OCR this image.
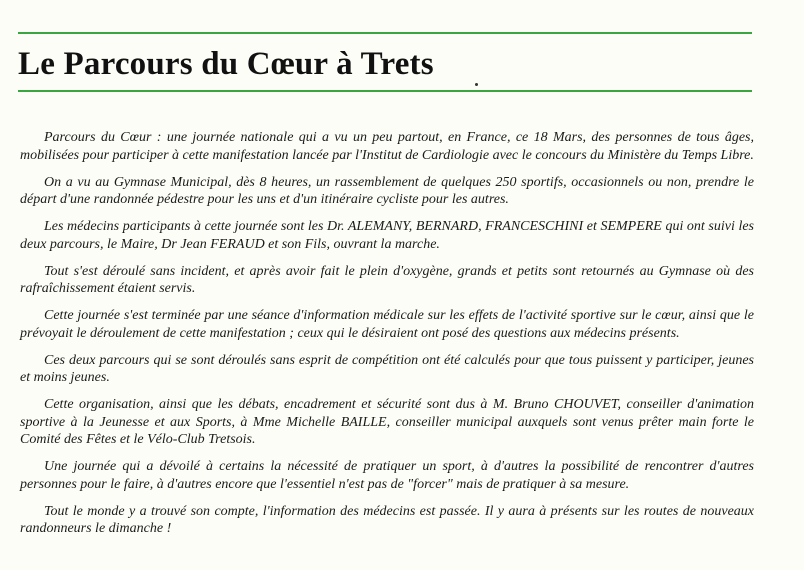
Le Parcours du Cœur à Trets

Parcours du Cœur : une journée nationale qui a vu un peu partout, en France, ce 18 Mars, des personnes de tous âges, mobilisées pour participer à cette manifestation lancée par l'Institut de Cardiologie avec le concours du Ministère du Temps Libre.

On a vu au Gymnase Municipal, dès 8 heures, un rassemblement de quelques 250 sportifs, occasionnels ou non, prendre le départ d'une randonnée pédestre pour les uns et d'un itinéraire cycliste pour les autres.

Les médecins participants à cette journée sont les Dr. ALEMANY, BERNARD, FRANCESCHINI et SEMPERE qui ont suivi les deux parcours, le Maire, Dr Jean FERAUD et son Fils, ouvrant la marche.

Tout s'est déroulé sans incident, et après avoir fait le plein d'oxygène, grands et petits sont retournés au Gymnase où des rafraîchissement étaient servis.

Cette journée s'est terminée par une séance d'information médicale sur les effets de l'activité sportive sur le cœur, ainsi que le prévoyait le déroulement de cette manifestation ; ceux qui le désiraient ont posé des questions aux médecins présents.

Ces deux parcours qui se sont déroulés sans esprit de compétition ont été calculés pour que tous puissent y participer, jeunes et moins jeunes.

Cette organisation, ainsi que les débats, encadrement et sécurité sont dus à M. Bruno CHOUVET, conseiller d'animation sportive à la Jeunesse et aux Sports, à Mme Michelle BAILLE, conseiller municipal auxquels sont venus prêter main forte le Comité des Fêtes et le Vélo-Club Tretsois.

Une journée qui a dévoilé à certains la nécessité de pratiquer un sport, à d'autres la possibilité de rencontrer d'autres personnes pour le faire, à d'autres encore que l'essentiel n'est pas de "forcer" mais de pratiquer à sa mesure.

Tout le monde y a trouvé son compte, l'information des médecins est passée. Il y aura à présents sur les routes de nouveaux randonneurs le dimanche !
